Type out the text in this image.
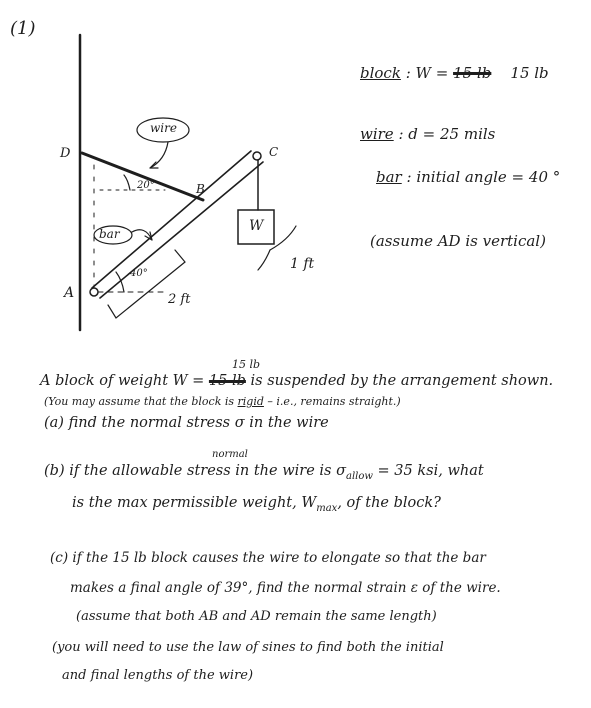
(1)
wire
bar
D
A
B
C
20°
40°
W
1 ft
2 ft
block : W = 15 lb 15 lb
wire : d = 25 mils
bar : initial angle = 40 °
(assume AD is vertical)
15 lb
A block of weight W = 15 lb is suspended by the arrangement shown.
(You may assume that the block is rigid – i.e., remains straight.)
(a) find the normal stress σ in the wire
normal
(b) if the allowable stress in the wire is $\sigma_{allow} = 35$ ksi, what
is the max permissible weight, $W_{max}$, of the block?
(c) if the 15 lb block causes the wire to elongate so that the bar
makes a final angle of 39°, find the normal strain ε of the wire.
(assume that both AB and AD remain the same length)
(you will need to use the law of sines to find both the initial
and final lengths of the wire)
